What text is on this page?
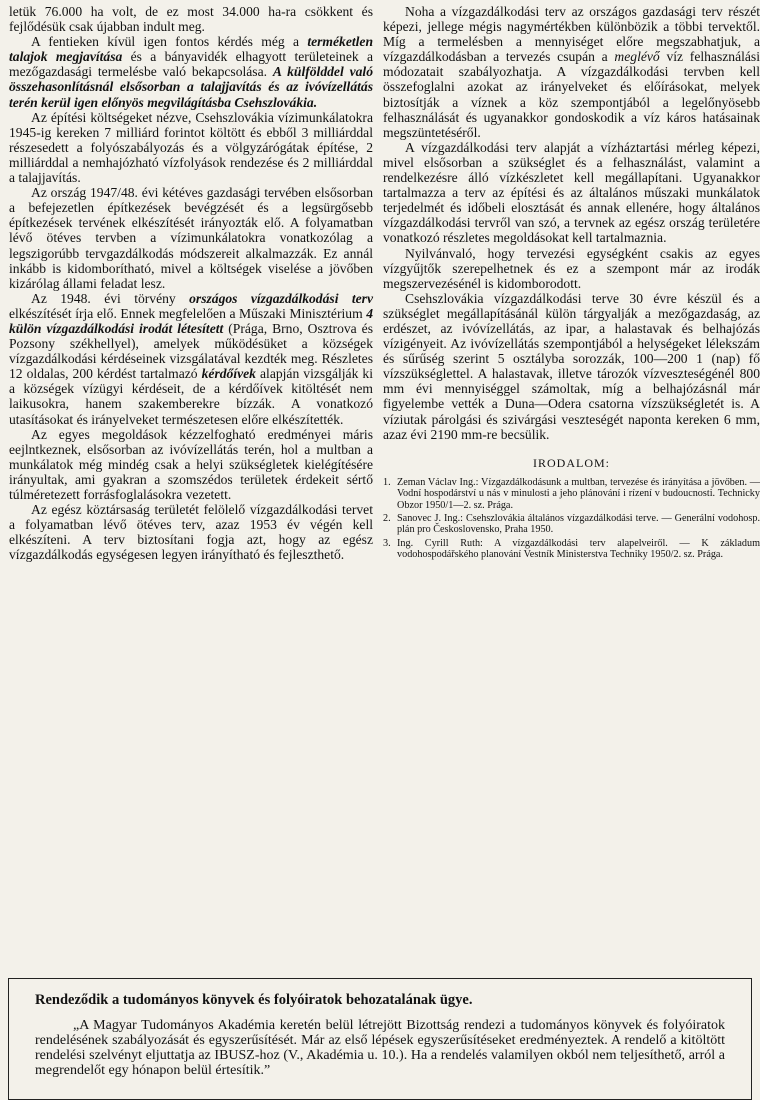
letük 76.000 ha volt, de ez most 34.000 ha-ra csökkent és fejlődésük csak újabban indult meg.

A fentieken kívül igen fontos kérdés még a terméketlen talajok megjavítása és a bányavidék elhagyott területeinek a mezőgazdasági termelésbe való bekapcsolása. A külfölddel való összehasonlításnál elsősorban a talajjavítás és az ivóvízellátás terén kerül igen előnyös megvilágításba Csehszlovákia.

Az építési költségeket nézve, Csehszlovákia vízimunkálatokra 1945-ig kereken 7 milliárd forintot költött és ebből 3 milliárddal részesedett a folyószabályozás és a völgyzárógátak építése, 2 milliárddal a nemhajózható vízfolyások rendezése és 2 milliárddal a talajjavítás.

Az ország 1947/48. évi kétéves gazdasági tervében elsősorban a befejezetlen építkezések bevégzését és a legsürgősebb építkezések tervének elkészítését irányozták elő. A folyamatban lévő ötéves tervben a vízimunkálatokra vonatkozólag a legszigorúbb tervgazdálkodás módszereit alkalmazzák. Ez annál inkább is kidomborítható, mivel a költségek viselése a jövőben kizárólag állami feladat lesz.

Az 1948. évi törvény országos vízgazdálkodási terv elkészítését írja elő. Ennek megfelelően a Műszaki Minisztérium 4 külön vízgazdálkodási irodát létesített (Prága, Brno, Osztrova és Pozsony székhellyel), amelyek működésüket a községek vízgazdálkodási kérdéseinek vizsgálatával kezdték meg. Részletes 12 oldalas, 200 kérdést tartalmazó kérdőívek alapján vizsgálják ki a községek vízügyi kérdéseit, de a kérdőívek kitöltését nem laikusokra, hanem szakemberekre bízzák. A vonatkozó utasításokat és irányelveket természetesen előre elkészítették.

Az egyes megoldások kézzelfogható eredményei máris eejlntkeznek, elsősorban az ivóvízellátás terén, hol a multban a munkálatok még mindég csak a helyi szükségletek kielégítésére irányultak, ami gyakran a szomszédos területek érdekeit sértő túlméretezett forrásfoglalásokra vezetett.

Az egész köztársaság területét felölelő vízgazdálkodási tervet a folyamatban lévő ötéves terv, azaz 1953 év végén kell elkészíteni. A terv biztosítani fogja azt, hogy az egész vízgazdálkodás egységesen legyen irányítható és fejleszthető.

Noha a vízgazdálkodási terv az országos gazdasági terv részét képezi, jellege mégis nagymértékben különbözik a többi tervektől. Míg a termelésben a mennyiséget előre megszabhatjuk, a vízgazdálkodásban a tervezés csupán a meglévő víz felhasználási módozatait szabályozhatja. A vízgazdálkodási tervben kell összefoglalni azokat az irányelveket és előírásokat, melyek biztosítják a víznek a köz szempontjából a legelőnyösebb felhasználását és ugyanakkor gondoskodik a víz káros hatásainak megszüntetéséről.

A vízgazdálkodási terv alapját a vízháztartási mérleg képezi, mivel elsősorban a szükséglet és a felhasználást, valamint a rendelkezésre álló vízkészletet kell megállapítani. Ugyanakkor tartalmazza a terv az építési és az általános műszaki munkálatok terjedelmét és időbeli elosztását és annak ellenére, hogy általános vízgazdálkodási tervről van szó, a tervnek az egész ország területére vonatkozó részletes megoldásokat kell tartalmaznia.

Nyilvánvaló, hogy tervezési egységként csakis az egyes vízgyűjtők szerepelhetnek és ez a szempont már az irodák megszervezésénél is kidomborodott.

Csehszlovákia vízgazdálkodási terve 30 évre készül és a szükséglet megállapításánál külön tárgyalják a mezőgazdaság, az erdészet, az ivóvízellátás, az ipar, a halastavak és belhajózás vízigényeit. Az ivóvízellátás szempontjából a helységeket lélekszám és sűrűség szerint 5 osztályba sorozzák, 100—200 1 (nap) fő vízszükséglettel. A halastavak, illetve tározók vízveszteségénél 800 mm évi mennyiséggel számoltak, míg a belhajózásnál már figyelembe vették a Duna—Odera csatorna vízszükségletét is. A víziutak párolgási és szivárgási veszteségét naponta kereken 6 mm, azaz évi 2190 mm-re becsülik.

IRODALOM:
1. Zeman Václav Ing.: Vízgazdálkodásunk a multban, tervezése és irányítása a jövőben. — Vodní hospodárství u nás v minulosti a jeho plánování i rízení v budoucnosti. Technicky Obzor 1950/1—2. sz. Prága.
2. Sanovec J. Ing.: Csehszlovákia általános vízgazdálkodási terve. — Generální vodohosp. plán pro Československo, Praha 1950.
3. Ing. Cyrill Ruth: A vízgazdálkodási terv alapelveiről. — K základum vodohospodářského planování Vestník Ministerstva Techniky 1950/2. sz. Prága.
Rendeződik a tudományos könyvek és folyóiratok behozatalának ügye.

„A Magyar Tudományos Akadémia keretén belül létrejött Bizottság rendezi a tudományos könyvek és folyóiratok rendelésének szabályozását és egyszerűsítését. Már az első lépések egyszerűsítéseket eredményeztek. A rendelő a kitöltött rendelési szelvényt eljuttatja az IBUSZ-hoz (V., Akadémia u. 10.). Ha a rendelés valamilyen okból nem teljesíthető, arról a megrendelőt egy hónapon belül értesítik.”
